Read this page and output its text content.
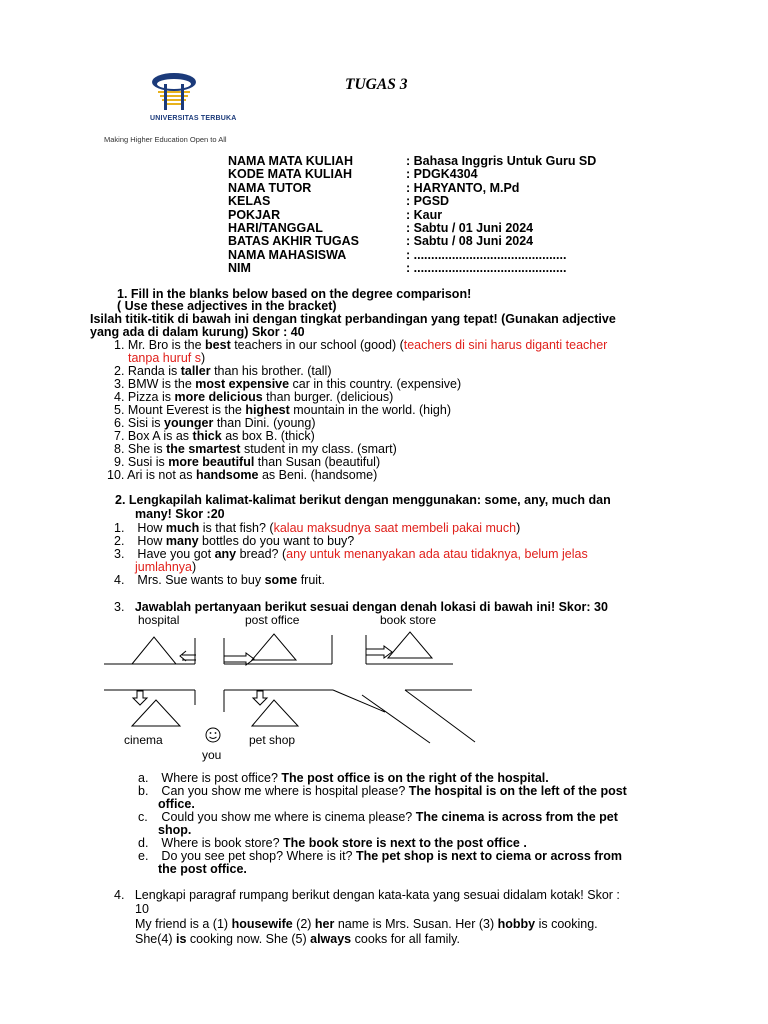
UNIVERSITAS TERBUKA
Making Higher Education Open to All
TUGAS 3
NAMA MATA KULIAH	: Bahasa Inggris Untuk Guru SD
KODE MATA KULIAH	: PDGK4304
NAMA TUTOR	: HARYANTO, M.Pd
KELAS	: PGSD
POKJAR	: Kaur
HARI/TANGGAL	: Sabtu / 01 Juni 2024
BATAS AKHIR TUGAS	: Sabtu / 08 Juni 2024
NAMA MAHASISWA	: ............................................
NIM	: ............................................
1. Fill in the blanks below based on the degree comparison!
( Use these adjectives in the bracket)
Isilah titik-titik di bawah ini dengan tingkat perbandingan yang tepat! (Gunakan adjective
yang ada di dalam kurung) Skor : 40
1. Mr. Bro is the best teachers in our school (good) (teachers di sini harus diganti teacher
tanpa huruf s)
2. Randa is taller than his brother. (tall)
3. BMW is the most expensive car in this country. (expensive)
4. Pizza is more delicious than burger. (delicious)
5. Mount Everest is the highest mountain in the world. (high)
6. Sisi is younger than Dini. (young)
7. Box A is as thick as box B. (thick)
8. She is the smartest student in my class. (smart)
9. Susi is more beautiful than Susan (beautiful)
10. Ari is not as handsome as Beni. (handsome)
2. Lengkapilah kalimat-kalimat berikut dengan menggunakan: some, any, much dan
many! Skor :20
1. How much is that fish? (kalau maksudnya saat membeli pakai much)
2. How many bottles do you want to buy?
3. Have you got any bread? (any untuk menanyakan ada atau tidaknya, belum jelas
jumlahnya)
4. Mrs. Sue wants to buy some fruit.
3. Jawablah pertanyaan berikut sesuai dengan denah lokasi di bawah ini! Skor: 30
hospital	post office	book store
cinema	pet shop
you
a. Where is post office? The post office is on the right of the hospital.
b. Can you show me where is hospital please? The hospital is on the left of the post
office.
c. Could you show me where is cinema please? The cinema is across from the pet
shop.
d. Where is book store? The book store is next to the post office .
e. Do you see pet shop? Where is it? The pet shop is next to ciema or across from
the post office.
4. Lengkapi paragraf rumpang berikut dengan kata-kata yang sesuai didalam kotak! Skor :
10
My friend is a (1) housewife (2) her name is Mrs. Susan. Her (3) hobby is cooking.
She(4) is cooking now. She (5) always cooks for all family.
